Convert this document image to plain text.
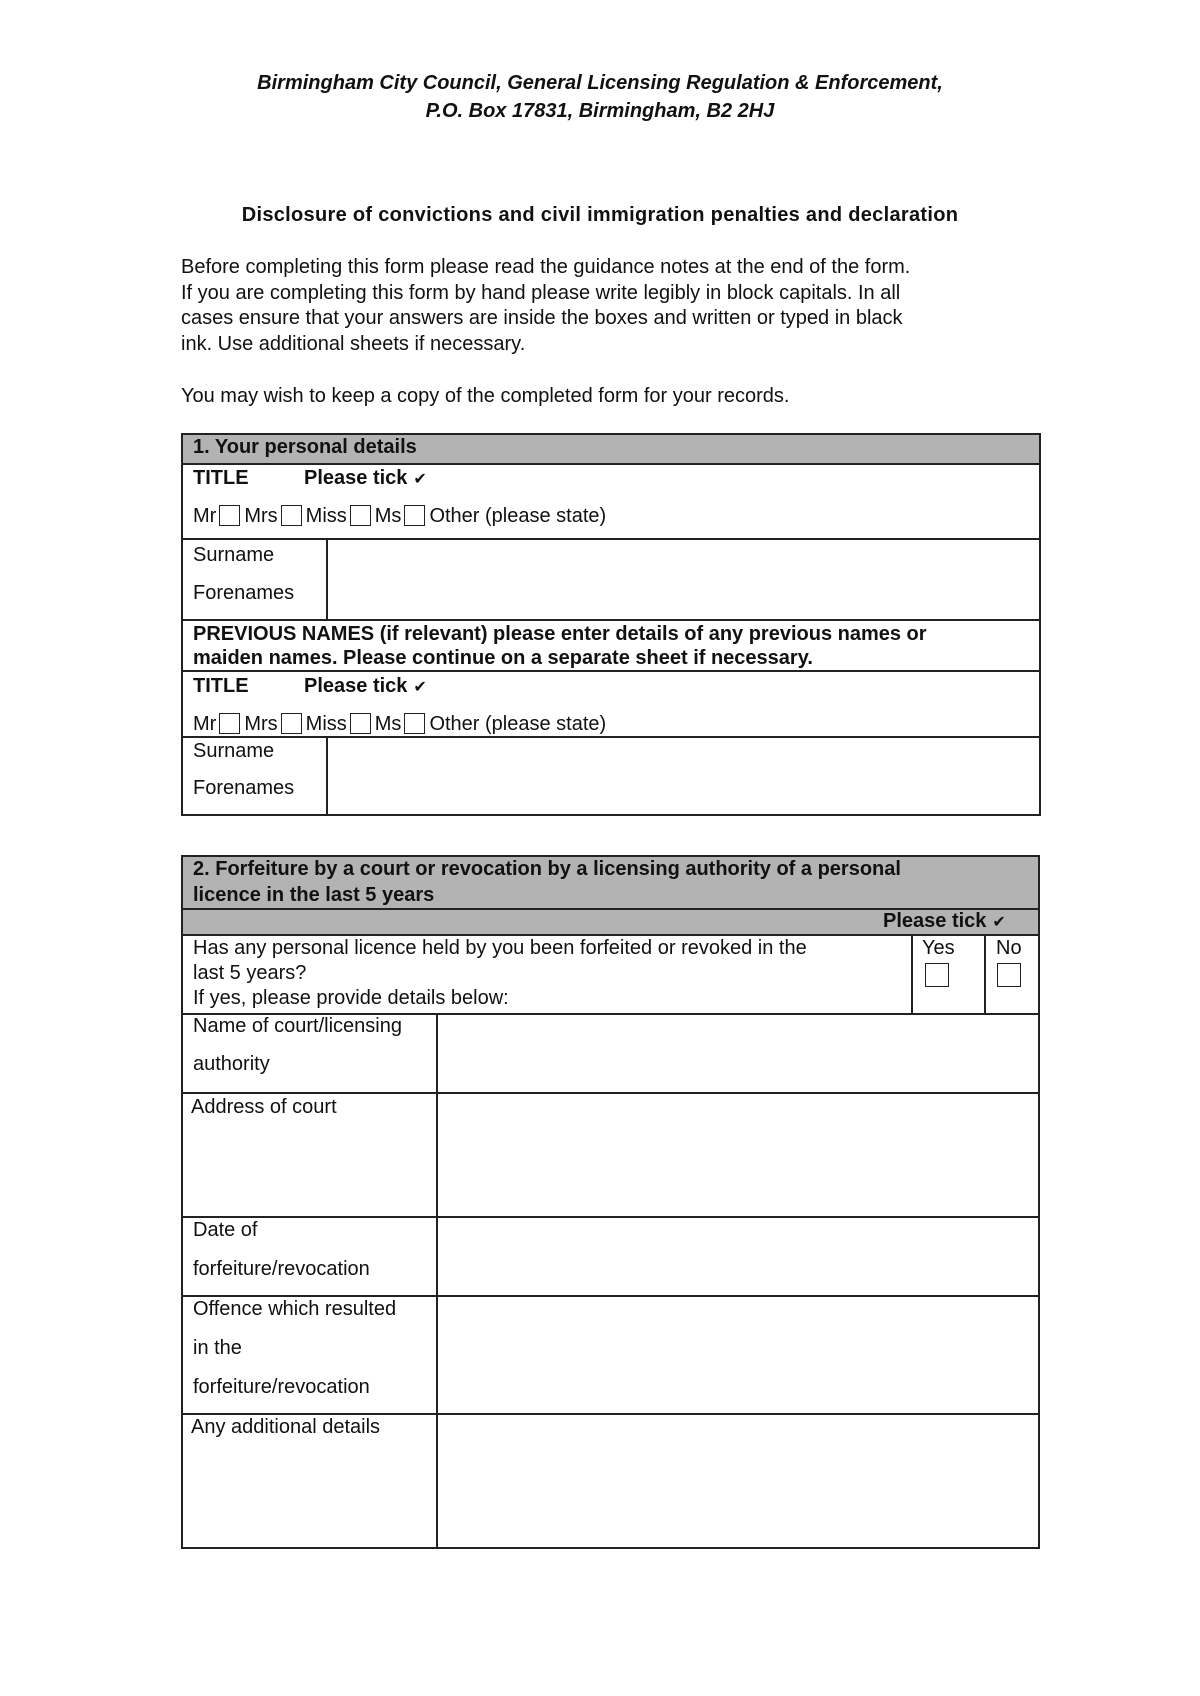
Birmingham City Council, General Licensing Regulation & Enforcement,
P.O. Box 17831, Birmingham, B2 2HJ
Disclosure of convictions and civil immigration penalties and declaration
Before completing this form please read the guidance notes at the end of the form.
If you are completing this form by hand please write legibly in block capitals. In all
cases ensure that your answers are inside the boxes and written or typed in black
ink. Use additional sheets if necessary.
You may wish to keep a copy of the completed form for your records.
1. Your personal details
TITLE	Please tick ✔
Mr Mrs Miss Ms Other (please state)
Surname
Forenames
PREVIOUS NAMES (if relevant) please enter details of any previous names or
maiden names. Please continue on a separate sheet if necessary.
TITLE	Please tick ✔
Mr Mrs Miss Ms Other (please state)
Surname
Forenames
2. Forfeiture by a court or revocation by a licensing authority of a personal
licence in the last 5 years
Please tick ✔
Has any personal licence held by you been forfeited or revoked in the
last 5 years?
If yes, please provide details below:
Yes No
Name of court/licensing
authority
Address of court
Date of
forfeiture/revocation
Offence which resulted
in the
forfeiture/revocation
Any additional details
